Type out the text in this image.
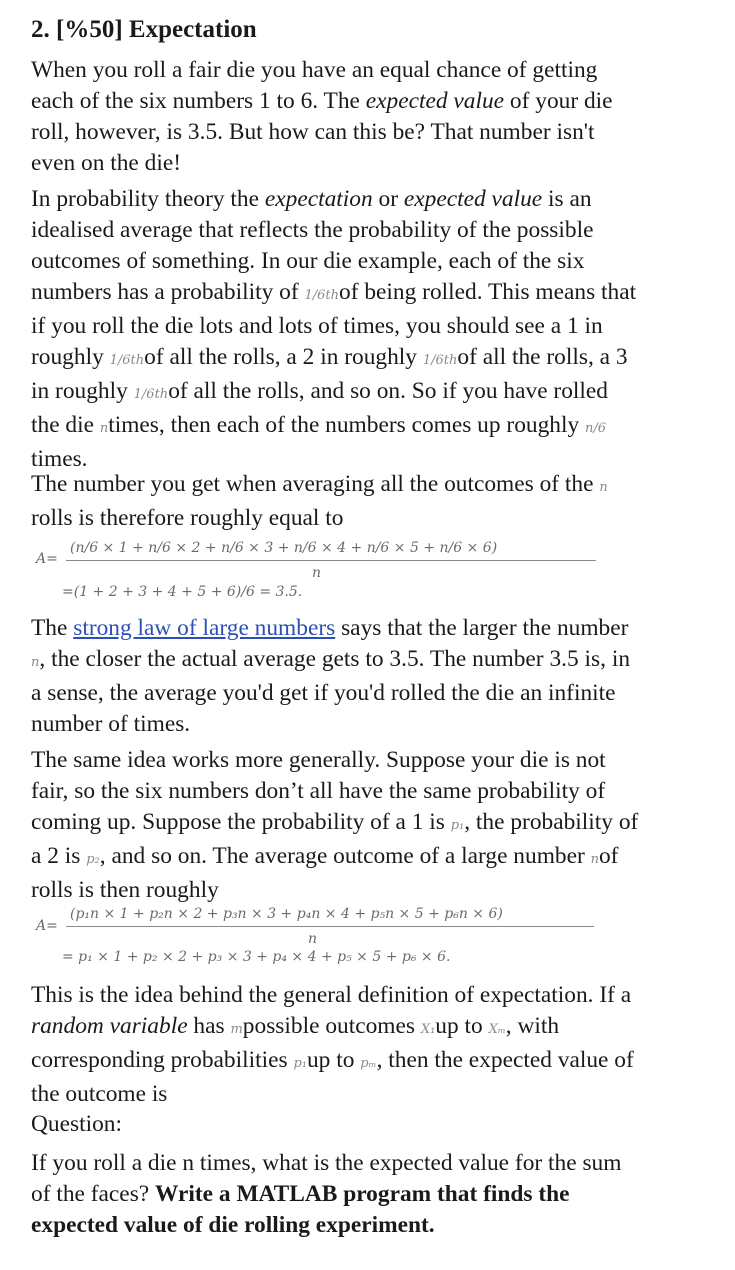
2. [%50] Expectation
When you roll a fair die you have an equal chance of getting
each of the six numbers 1 to 6. The expected value of your die
roll, however, is 3.5. But how can this be? That number isn't
even on the die!
In probability theory the expectation or expected value is an
idealised average that reflects the probability of the possible
outcomes of something. In our die example, each of the six
numbers has a probability of 1/6thof being rolled. This means that
if you roll the die lots and lots of times, you should see a 1 in
roughly 1/6thof all the rolls, a 2 in roughly 1/6thof all the rolls, a 3
in roughly 1/6thof all the rolls, and so on. So if you have rolled
the die ntimes, then each of the numbers comes up roughly n/6
times.
The number you get when averaging all the outcomes of the n
rolls is therefore roughly equal to
A=
(n/6 × 1 + n/6 × 2 + n/6 × 3 + n/6 × 4 + n/6 × 5 + n/6 × 6)
n
=(1 + 2 + 3 + 4 + 5 + 6)/6 = 3.5.
The strong law of large numbers says that the larger the number
n, the closer the actual average gets to 3.5. The number 3.5 is, in
a sense, the average you'd get if you'd rolled the die an infinite
number of times.
The same idea works more generally. Suppose your die is not
fair, so the six numbers don’t all have the same probability of
coming up. Suppose the probability of a 1 is p₁, the probability of
a 2 is p₂, and so on. The average outcome of a large number nof
rolls is then roughly
A=
(p₁n × 1 + p₂n × 2 + p₃n × 3 + p₄n × 4 + p₅n × 5 + p₆n × 6)
n
= p₁ × 1 + p₂ × 2 + p₃ × 3 + p₄ × 4 + p₅ × 5 + p₆ × 6.
This is the idea behind the general definition of expectation. If a
random variable has mpossible outcomes X₁up to Xₘ, with
corresponding probabilities p₁up to pₘ, then the expected value of
the outcome is
Question:
If you roll a die n times, what is the expected value for the sum
of the faces? Write a MATLAB program that finds the
expected value of die rolling experiment.
